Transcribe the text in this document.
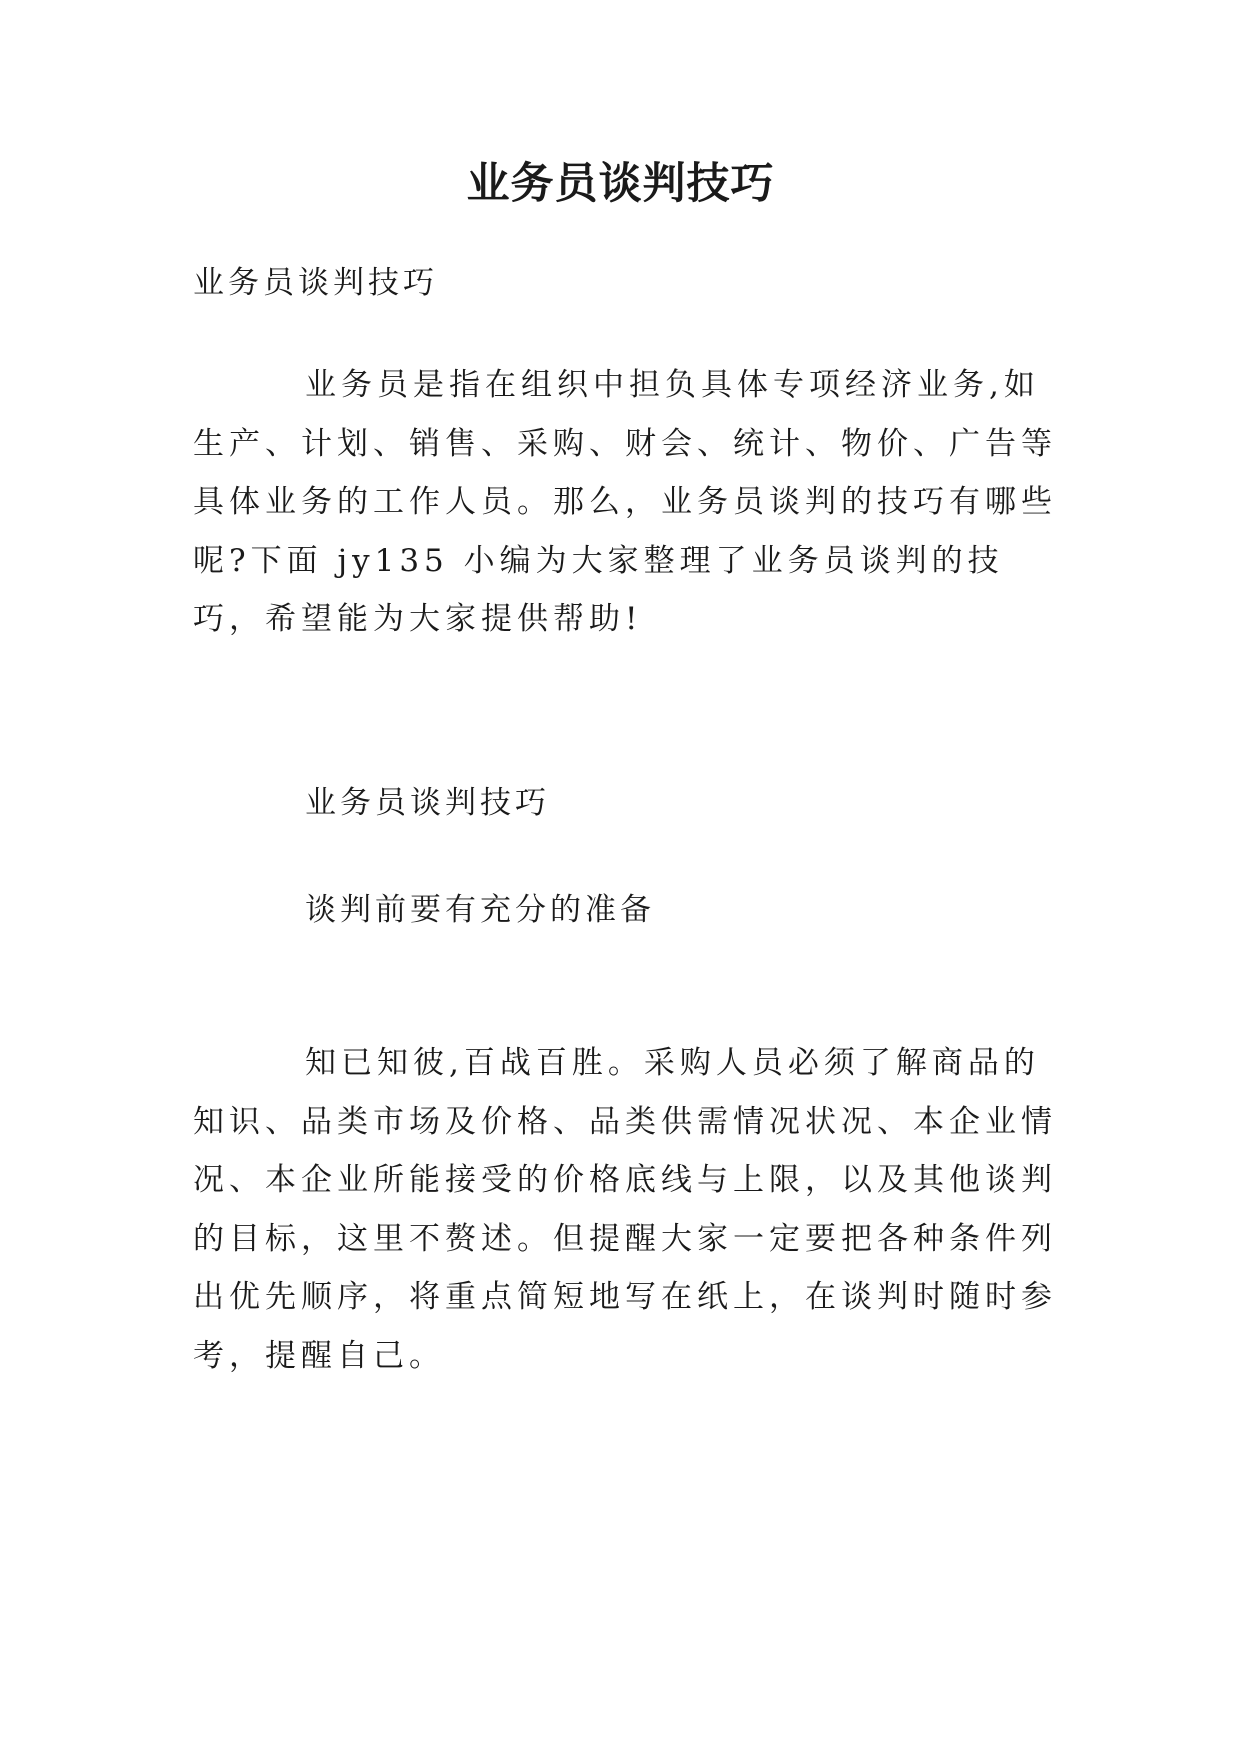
业务员谈判技巧

业务员谈判技巧

业务员是指在组织中担负具体专项经济业务,如生产、计划、销售、采购、财会、统计、物价、广告等具体业务的工作人员。那么，业务员谈判的技巧有哪些呢?下面 jy135 小编为大家整理了业务员谈判的技巧，希望能为大家提供帮助!

业务员谈判技巧

谈判前要有充分的准备

知已知彼,百战百胜。采购人员必须了解商品的知识、品类市场及价格、品类供需情况状况、本企业情况、本企业所能接受的价格底线与上限，以及其他谈判的目标，这里不赘述。但提醒大家一定要把各种条件列出优先顺序，将重点简短地写在纸上，在谈判时随时参考，提醒自己。
